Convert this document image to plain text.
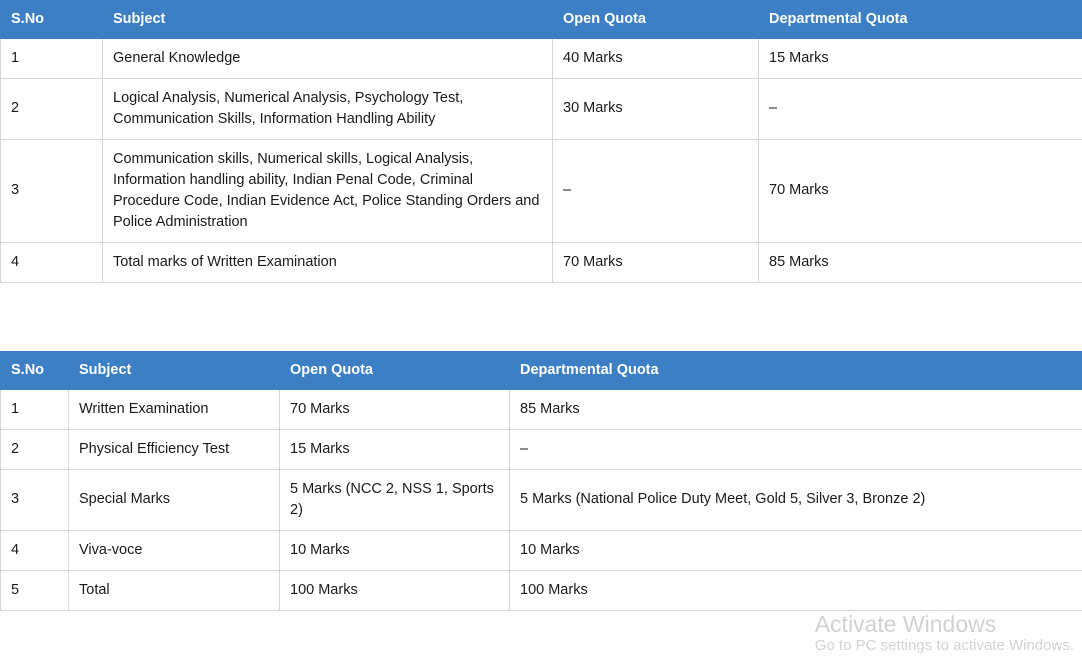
S.No	Subject	Open Quota	Departmental Quota
1	General Knowledge	40 Marks	15 Marks
2	Logical Analysis, Numerical Analysis, Psychology Test, Communication Skills, Information Handling Ability	30 Marks	–
3	Communication skills, Numerical skills, Logical Analysis, Information handling ability, Indian Penal Code, Criminal Procedure Code, Indian Evidence Act, Police Standing Orders and Police Administration	–	70 Marks
4	Total marks of Written Examination	70 Marks	85 Marks
S.No	Subject	Open Quota	Departmental Quota
1	Written Examination	70 Marks	85 Marks
2	Physical Efficiency Test	15 Marks	–
3	Special Marks	5 Marks (NCC 2, NSS 1, Sports 2)	5 Marks (National Police Duty Meet, Gold 5, Silver 3, Bronze 2)
4	Viva-voce	10 Marks	10 Marks
5	Total	100 Marks	100 Marks
Activate Windows
Go to PC settings to activate Windows.
